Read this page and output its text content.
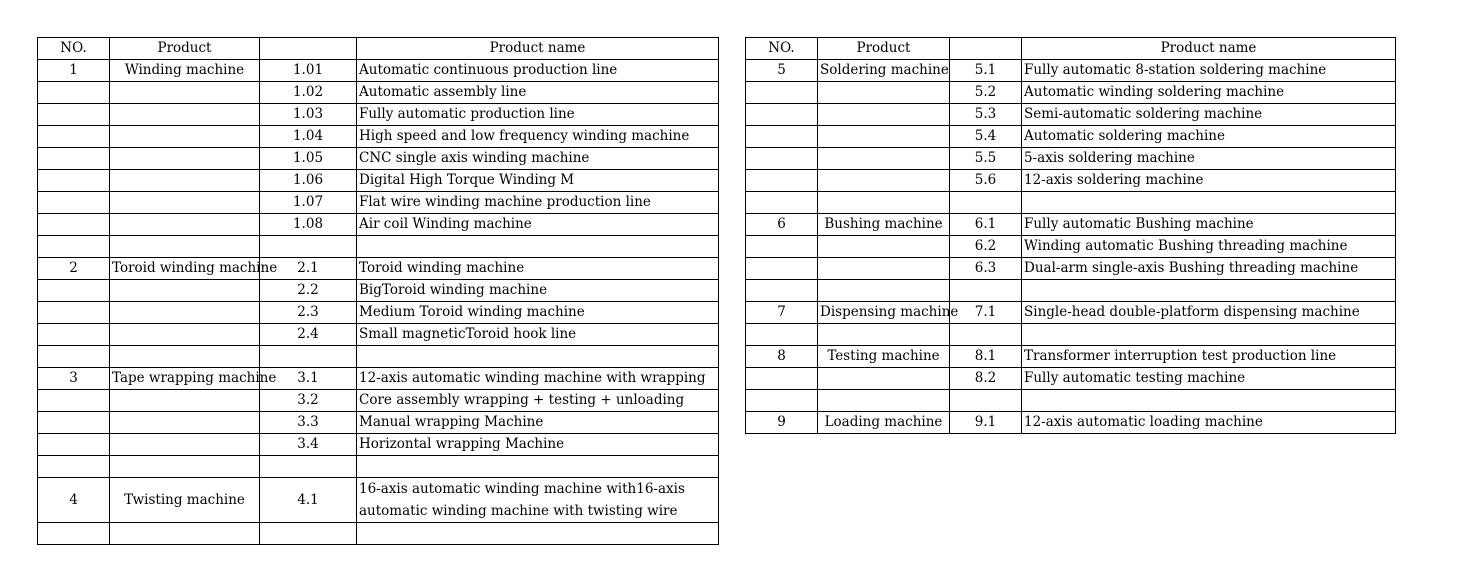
NO.	Product		Product name
1	Winding machine	1.01	Automatic continuous production line
		1.02	Automatic assembly line
		1.03	Fully automatic production line
		1.04	High speed and low frequency winding machine
		1.05	CNC single axis winding machine
		1.06	Digital High Torque Winding M
		1.07	Flat wire winding machine production line
		1.08	Air coil Winding machine

2	Toroid winding machine	2.1	Toroid winding machine
		2.2	BigToroid winding machine
		2.3	Medium Toroid winding machine
		2.4	Small magneticToroid hook line

3	Tape wrapping machine	3.1	12-axis automatic winding machine with wrapping
		3.2	Core assembly wrapping + testing + unloading
		3.3	Manual wrapping Machine
		3.4	Horizontal wrapping Machine

4	Twisting machine	4.1	16-axis automatic winding machine with16-axis automatic winding machine with twisting wire

NO.	Product		Product name
5	Soldering machine	5.1	Fully automatic 8-station soldering machine
		5.2	Automatic winding soldering machine
		5.3	Semi-automatic soldering machine
		5.4	Automatic soldering machine
		5.5	5-axis soldering machine
		5.6	12-axis soldering machine

6	Bushing machine	6.1	Fully automatic Bushing machine
		6.2	Winding automatic Bushing threading machine
		6.3	Dual-arm single-axis Bushing threading machine

7	Dispensing machine	7.1	Single-head double-platform dispensing machine

8	Testing machine	8.1	Transformer interruption test production line
		8.2	Fully automatic testing machine

9	Loading machine	9.1	12-axis automatic loading machine
